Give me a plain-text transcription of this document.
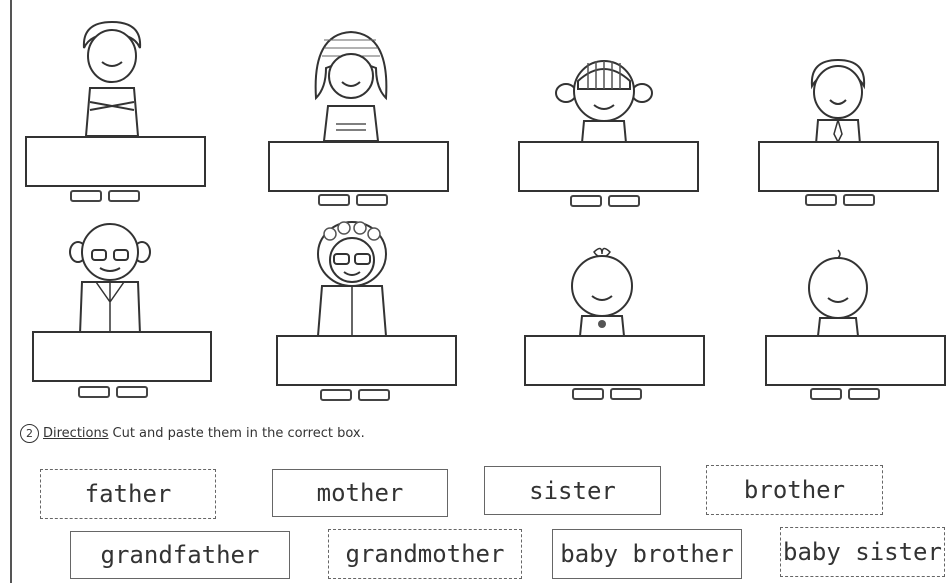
2 Directions Cut and paste them in the correct box.
father	mother	sister	brother
grandfather	grandmother	baby brother	baby sister
